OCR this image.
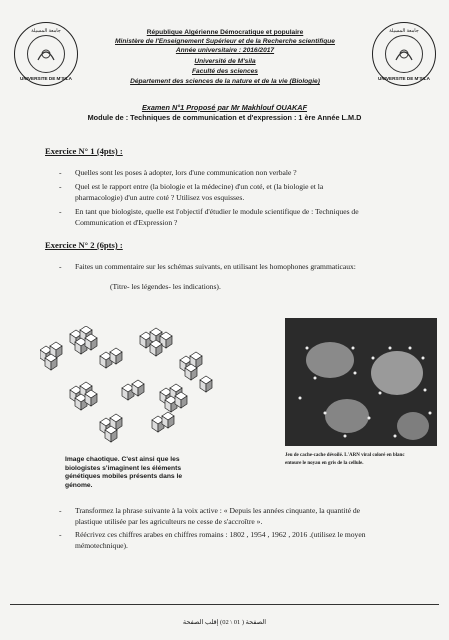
جامعة المسيلة
UNIVERSITE DE M'SILA
جامعة المسيلة
UNIVERSITE DE M'SILA
République Algérienne Démocratique et populaire
Ministère de l'Enseignement Supérieur et de la Recherche scientifique
Année universitaire : 2016/2017
Université de M'sila
Faculté des sciences
Département des sciences de la nature et de la vie (Biologie)
Examen N°1 Proposé par Mr Makhlouf OUAKAF
Module de : Techniques de communication et d'expression : 1 ère Année L.M.D
Exercice N° 1 (4pts) :
- Quelles sont les poses à adopter, lors d'une communication non verbale ?
- Quel est le rapport entre (la biologie et la médecine) d'un coté, et (la biologie et la
pharmacologie) d'un autre coté ? Utilisez vos esquisses.
- En tant que biologiste, quelle est l'objectif d'étudier le module scientifique de : Techniques de
Communication et d'Expression ?
Exercice N° 2 (6pts) :
- Faites un commentaire sur les schémas suivants, en utilisant les homophones grammaticaux:
(Titre- les légendes- les indications).
Image chaotique. C'est ainsi que les
biologistes s'imaginent les éléments
génétiques mobiles présents dans le
génome.
Jeu de cache-cache dévoilé. L'ARN viral coloré en blanc
entoure le noyau en gris de la cellule.
- Transformez la phrase suivante à la voix active : « Depuis les années cinquante, la quantité de
plastique utilisée par les agriculteurs ne cesse de s'accroître ».
- Réécrivez ces chiffres arabes en chiffres romains : 1802 , 1954 , 1962 , 2016 .(utilisez le moyen
mémotechnique).
الصفحة ( 01 \ 02) إقلب الصفحة
